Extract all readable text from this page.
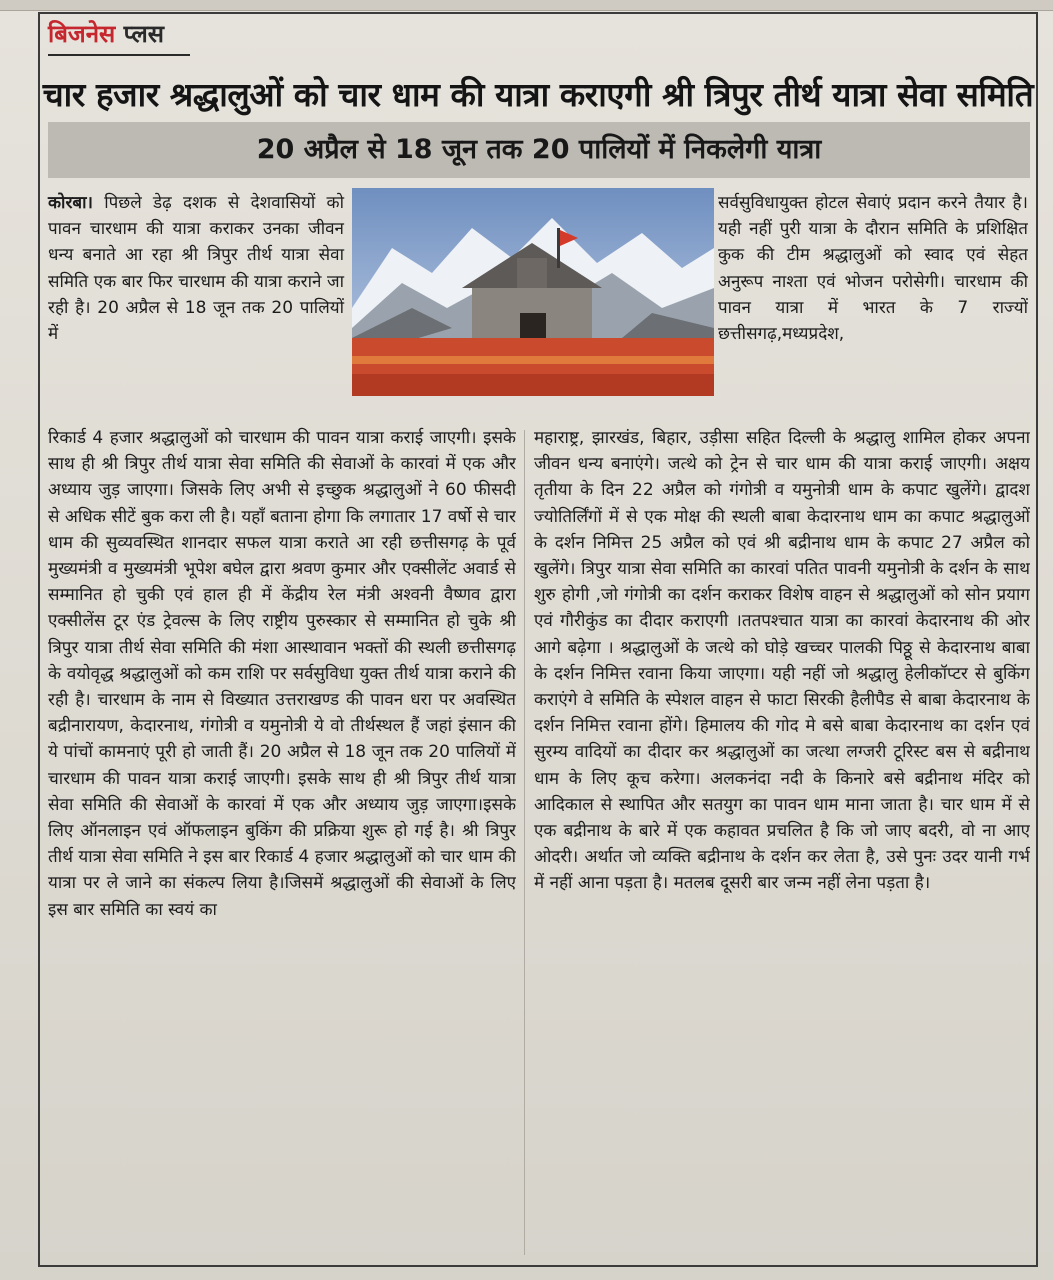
बिजनेस प्लस
चार हजार श्रद्धालुओं को चार धाम की यात्रा कराएगी श्री त्रिपुर तीर्थ यात्रा सेवा समिति
20 अप्रैल से 18 जून तक 20 पालियों में निकलेगी यात्रा
कोरबा। पिछले डेढ़ दशक से देशवासियों को पावन चारधाम की यात्रा कराकर उनका जीवन धन्य बनाते आ रहा श्री त्रिपुर तीर्थ यात्रा सेवा समिति एक बार फिर चारधाम की यात्रा कराने जा रही है। 20 अप्रैल से 18 जून तक 20 पालियों में
रिकार्ड 4 हजार श्रद्धालुओं को चारधाम की पावन यात्रा कराई जाएगी। इसके साथ ही श्री त्रिपुर तीर्थ यात्रा सेवा समिति की सेवाओं के कारवां में एक और अध्याय जुड़ जाएगा। जिसके लिए अभी से इच्छुक श्रद्धालुओं ने 60 फीसदी से अधिक सीटें बुक करा ली है। यहाँ बताना होगा कि लगातार 17 वर्षो से चार धाम की सुव्यवस्थित शानदार सफल यात्रा कराते आ रही छत्तीसगढ़ के पूर्व मुख्यमंत्री व मुख्यमंत्री भूपेश बघेल द्वारा श्रवण कुमार और एक्सीलेंट अवार्ड से सम्मानित हो चुकी एवं हाल ही में केंद्रीय रेल मंत्री अश्वनी वैष्णव द्वारा एक्सीलेंस टूर एंड ट्रेवल्स के लिए राष्ट्रीय पुरुस्कार से सम्मानित हो चुके श्री त्रिपुर यात्रा तीर्थ सेवा समिति की मंशा आस्थावान भक्तों की स्थली छत्तीसगढ़ के वयोवृद्ध श्रद्धालुओं को कम राशि पर सर्वसुविधा युक्त तीर्थ यात्रा कराने की रही है। चारधाम के नाम से विख्यात उत्तराखण्ड की पावन धरा पर अवस्थित बद्रीनारायण, केदारनाथ, गंगोत्री व यमुनोत्री ये वो तीर्थस्थल हैं जहां इंसान की ये पांचों कामनाएं पूरी हो जाती हैं। 20 अप्रैल से 18 जून तक 20 पालियों में चारधाम की पावन यात्रा कराई जाएगी। इसके साथ ही श्री त्रिपुर तीर्थ यात्रा सेवा समिति की सेवाओं के कारवां में एक और अध्याय जुड़ जाएगा।इसके लिए ऑनलाइन एवं ऑफलाइन बुकिंग की प्रक्रिया शुरू हो गई है। श्री त्रिपुर तीर्थ यात्रा सेवा समिति ने इस बार रिकार्ड 4 हजार श्रद्धालुओं को चार धाम की यात्रा पर ले जाने का संकल्प लिया है।जिसमें श्रद्धालुओं की सेवाओं के लिए इस बार समिति का स्वयं का
सर्वसुविधायुक्त होटल सेवाएं प्रदान करने तैयार है। यही नहीं पुरी यात्रा के दौरान समिति के प्रशिक्षित कुक की टीम श्रद्धालुओं को स्वाद एवं सेहत अनुरूप नाश्ता एवं भोजन परोसेगी। चारधाम की पावन यात्रा में भारत के 7 राज्यों छत्तीसगढ़,मध्यप्रदेश,
महाराष्ट्र, झारखंड, बिहार, उड़ीसा सहित दिल्ली के श्रद्धालु शामिल होकर अपना जीवन धन्य बनाएंगे। जत्थे को ट्रेन से चार धाम की यात्रा कराई जाएगी। अक्षय तृतीया के दिन 22 अप्रैल को गंगोत्री व यमुनोत्री धाम के कपाट खुलेंगे। द्वादश ज्योतिर्लिंगों में से एक मोक्ष की स्थली बाबा केदारनाथ धाम का कपाट श्रद्धालुओं के दर्शन निमित्त 25 अप्रैल को एवं श्री बद्रीनाथ धाम के कपाट 27 अप्रैल को खुलेंगे। त्रिपुर यात्रा सेवा समिति का कारवां पतित पावनी यमुनोत्री के दर्शन के साथ शुरु होगी ,जो गंगोत्री का दर्शन कराकर विशेष वाहन से श्रद्धालुओं को सोन प्रयाग एवं गौरीकुंड का दीदार कराएगी ।ततपश्चात यात्रा का कारवां केदारनाथ की ओर आगे बढ़ेगा । श्रद्धालुओं के जत्थे को घोड़े खच्चर पालकी पिठ्ठू से केदारनाथ बाबा के दर्शन निमित्त रवाना किया जाएगा। यही नहीं जो श्रद्धालु हेलीकॉप्टर से बुकिंग कराएंगे वे समिति के स्पेशल वाहन से फाटा सिरकी हैलीपैड से बाबा केदारनाथ के दर्शन निमित्त रवाना होंगे। हिमालय की गोद मे बसे बाबा केदारनाथ का दर्शन एवं सुरम्य वादियों का दीदार कर श्रद्धालुओं का जत्था लग्जरी टूरिस्ट बस से बद्रीनाथ धाम के लिए कूच करेगा। अलकनंदा नदी के किनारे बसे बद्रीनाथ मंदिर को आदिकाल से स्थापित और सतयुग का पावन धाम माना जाता है। चार धाम में से एक बद्रीनाथ के बारे में एक कहावत प्रचलित है कि जो जाए बदरी, वो ना आए ओदरी। अर्थात जो व्यक्ति बद्रीनाथ के दर्शन कर लेता है, उसे पुनः उदर यानी गर्भ में नहीं आना पड़ता है। मतलब दूसरी बार जन्म नहीं लेना पड़ता है।
